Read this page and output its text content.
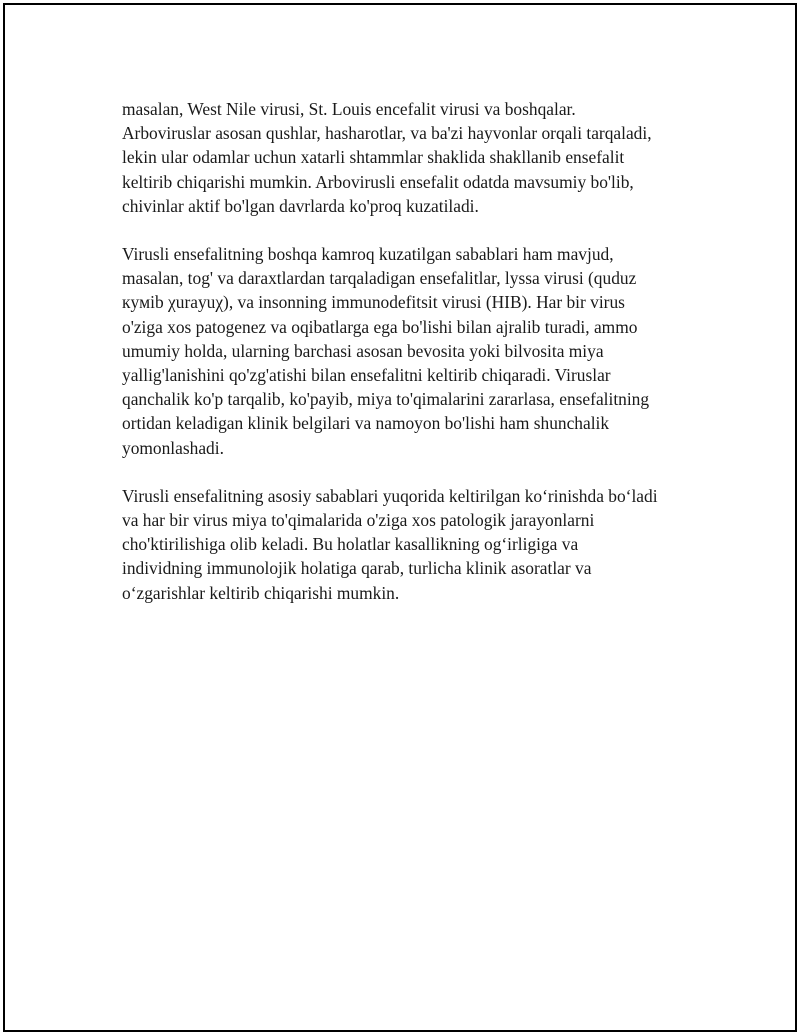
masalan, West Nile virusi, St. Louis encefalit virusi va boshqalar.
Arboviruslar asosan qushlar, hasharotlar, va ba'zi hayvonlar orqali tarqaladi,
lekin ular odamlar uchun xatarli shtammlar shaklida shakllanib ensefalit
keltirib chiqarishi mumkin. Arbovirusli ensefalit odatda mavsumiy bo'lib,
chivinlar aktif bo'lgan davrlarda ko'proq kuzatiladi.

Virusli ensefalitning boshqa kamroq kuzatilgan sabablari ham mavjud,
masalan, tog' va daraxtlardan tarqaladigan ensefalitlar, lyssa virusi (quduz
кyмib χurayuχ), va insonning immunodefitsit virusi (HIB). Har bir virus
o'ziga xos patogenez va oqibatlarga ega bo'lishi bilan ajralib turadi, ammo
umumiy holda, ularning barchasi asosan bevosita yoki bilvosita miya
yallig'lanishini qo'zg'atishi bilan ensefalitni keltirib chiqaradi. Viruslar
qanchalik ko'p tarqalib, ko'payib, miya to'qimalarini zararlasa, ensefalitning
ortidan keladigan klinik belgilari va namoyon bo'lishi ham shunchalik
yomonlashadi.

Virusli ensefalitning asosiy sabablari yuqorida keltirilgan ko‘rinishda bo‘ladi
va har bir virus miya to'qimalarida o'ziga xos patologik jarayonlarni
cho'ktirilishiga olib keladi. Bu holatlar kasallikning og‘irligiga va
individning immunolojik holatiga qarab, turlicha klinik asoratlar va
o‘zgarishlar keltirib chiqarishi mumkin.
